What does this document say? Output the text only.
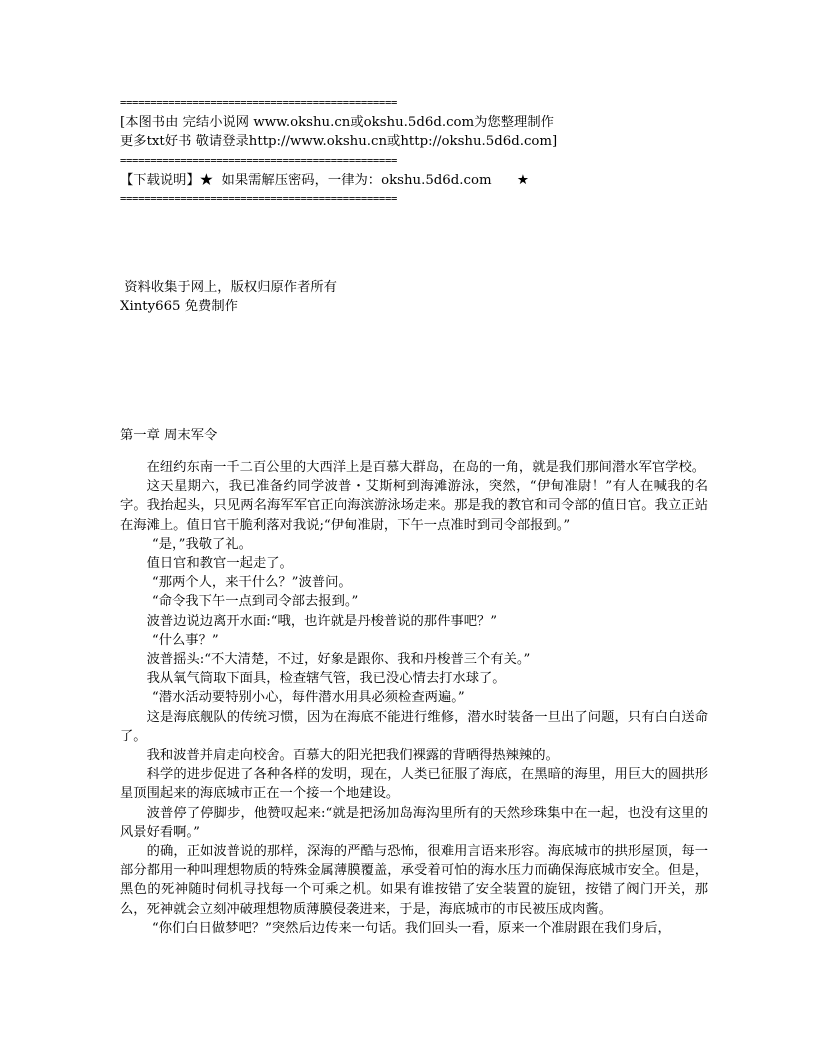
==============================================

[本图书由 完结小说网 www.okshu.cn或okshu.5d6d.com为您整理制作

更多txt好书 敬请登录http://www.okshu.cn或http://okshu.5d6d.com]

==============================================

【下载说明】★  如果需解压密码，一律为：okshu.5d6d.com      ★

==============================================

资料收集于网上，版权归原作者所有

Xinty665 免费制作

第一章 周末军令

在纽约东南一千二百公里的大西洋上是百慕大群岛，在岛的一角，就是我们那间潜水军官学校。

这天星期六，我已准备约同学波普・艾斯柯到海滩游泳，突然，“伊甸准尉！”有人在喊我的名字。我抬起头，只见两名海军军官正向海滨游泳场走来。那是我的教官和司令部的值日官。我立正站在海滩上。值日官干脆利落对我说;“伊甸准尉，下午一点准时到司令部报到。”

“是，”我敬了礼。

值日官和教官一起走了。

“那两个人，来干什么？”波普问。

“命令我下午一点到司令部去报到。”

波普边说边离开水面:“哦，也许就是丹梭普说的那件事吧？”

“什么事？”

波普摇头:“不大清楚，不过，好象是跟你、我和丹梭普三个有关。”

我从氧气筒取下面具，检查辖气管，我已没心情去打水球了。

“潜水活动要特别小心，每件潜水用具必须检查两遍。”

这是海底舰队的传统习惯，因为在海底不能进行维修，潜水时装备一旦出了问题，只有白白送命了。

我和波普并肩走向校舍。百慕大的阳光把我们裸露的背晒得热辣辣的。

科学的进步促进了各种各样的发明，现在，人类已征服了海底，在黑暗的海里，用巨大的圆拱形星顶围起来的海底城市正在一个接一个地建设。

波普停了停脚步，他赞叹起来:“就是把汤加岛海沟里所有的天然珍珠集中在一起，也没有这里的风景好看啊。”

的确，正如波普说的那样，深海的严酷与恐怖，很难用言语来形容。海底城市的拱形屋顶，每一部分都用一种叫理想物质的特殊金属薄膜覆盖，承受着可怕的海水压力而确保海底城市安全。但是，黑色的死神随时伺机寻找每一个可乘之机。如果有谁按错了安全装置的旋钮，按错了阀门开关，那么，死神就会立刻冲破理想物质薄膜侵袭进来，于是，海底城市的市民被压成肉酱。

“你们白日做梦吧？”突然后边传来一句话。我们回头一看，原来一个准尉跟在我们身后，
